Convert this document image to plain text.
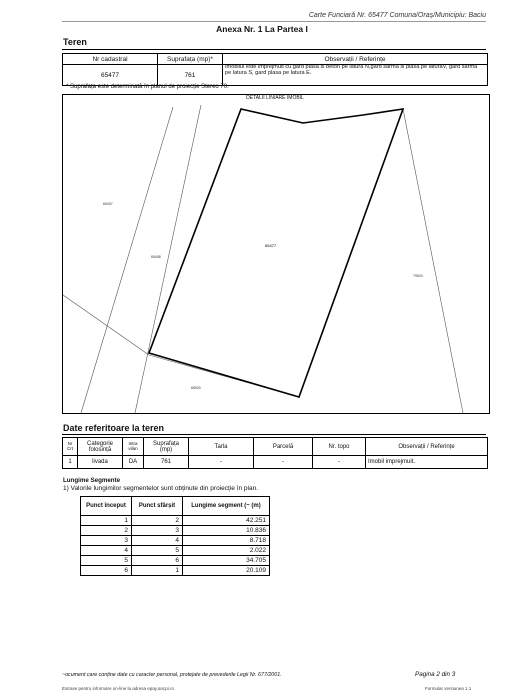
Carte Funciară Nr. 65477 Comuna/Oraș/Municipiu: Baciu
Anexa Nr. 1 La Partea I
Teren
Nr cadastral	Suprafața (mp)*	Observații / Referințe
65477	761	Imobilul este imprejmuit cu gard plasa si beton pe latura N,gard sarma si plasa pe laturaV, gard sarma pe latura S, gard plasa pe latura E.
* Suprafața este determinată în planul de proiecție Stereo 70.
65477
65407
65408
79524
65920
DETALII LINIARE IMOBIL
Date referitoare la teren
Nr Crt	Categorie folosință	Intra vilan	Suprafața (mp)	Tarla	Parcelă	Nr. topo	Observații / Referințe
1	livada	DA	761	-	-	-	Imobil imprejmuit.
Lungime Segmente
1) Valorile lungimilor segmentelor sunt obținute din proiecție în plan.
Punct început	Punct sfârșit	Lungime segment (~ (m)
1	2	42.251
2	3	10.836
3	4	8.718
4	5	2.022
5	6	34.705
6	1	20.109
~ocument care conține date cu caracter personal, protejate de prevederile Legii Nr. 677/2001.	Pagina 2 din 3
Extrase pentru informare on-line la adresa epay.ancpi.ro	Formular versiunea 1.1
